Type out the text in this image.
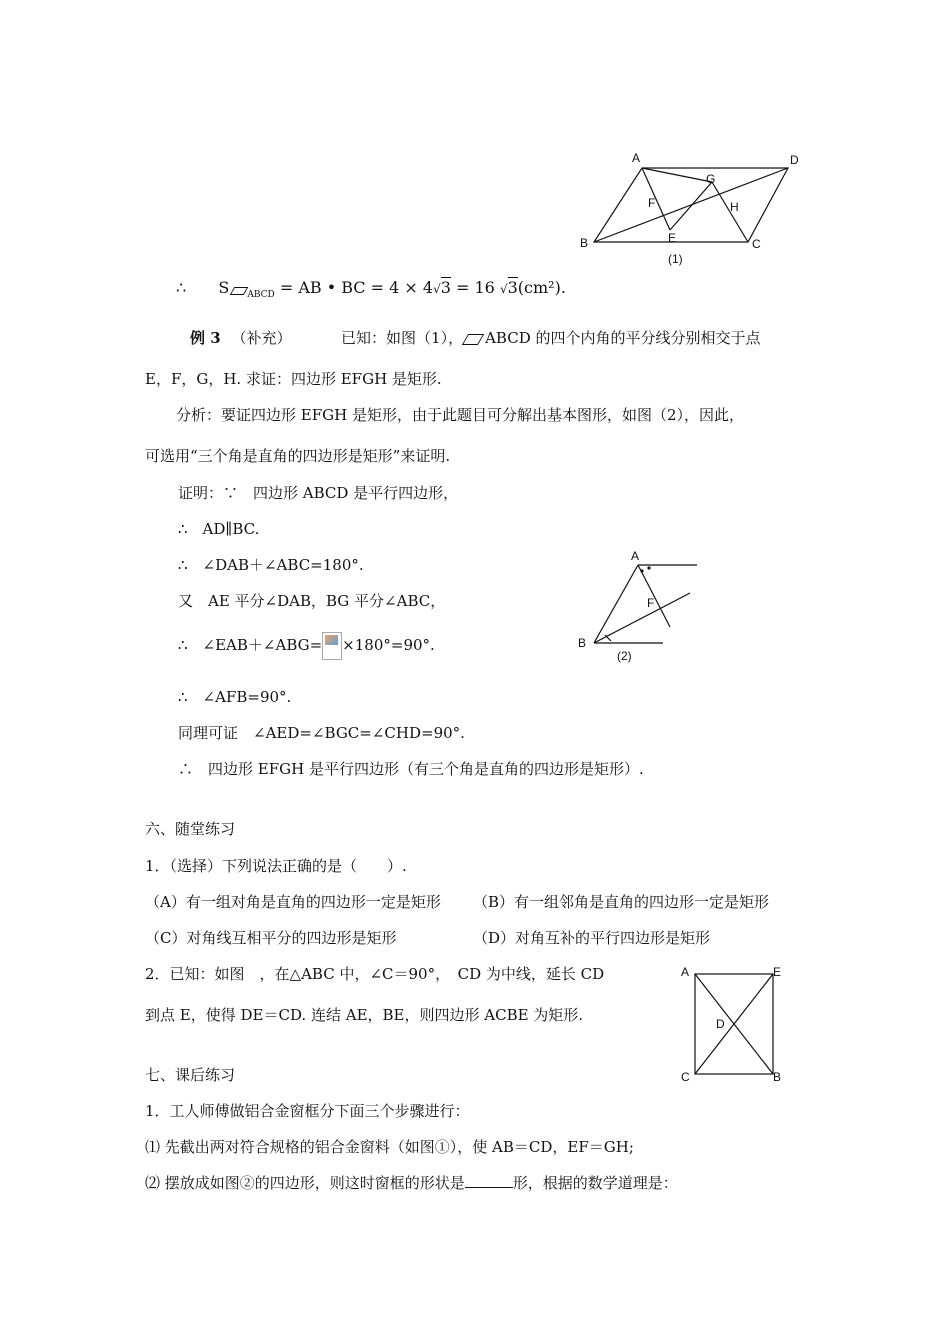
A	D
G
F	H
B	E	C
(1)
∴ S $_{ABCD}$ = AB • BC = 4 × 4√3 = 16 √3(cm²).
例 3 （补充）	已知：如图（1）， ABCD 的四个内角的平分线分别相交于点
E，F，G，H. 求证：四边形 EFGH 是矩形.
分析：要证四边形 EFGH 是矩形，由于此题目可分解出基本图形，如图（2），因此，
可选用“三个角是直角的四边形是矩形”来证明.
证明：∵　四边形 ABCD 是平行四边形，
∴　AD∥BC.
∴　∠DAB＋∠ABC=180°.
又　AE 平分∠DAB，BG 平分∠ABC，
∴　∠EAB＋∠ABG= ×180°=90°.
∴　∠AFB=90°.
同理可证　∠AED=∠BGC=∠CHD=90°.
∴　四边形 EFGH 是平行四边形（有三个角是直角的四边形是矩形）.
A
F
B
(2)
六、随堂练习
1．（选择）下列说法正确的是（　　）.
（A）有一组对角是直角的四边形一定是矩形 （B）有一组邻角是直角的四边形一定是矩形
（C）对角线互相平分的四边形是矩形	（D）对角互补的平行四边形是矩形
2．已知：如图　，在△ABC 中，∠C＝90°，　CD 为中线，延长 CD
到点 E，使得 DE＝CD. 连结 AE，BE，则四边形 ACBE 为矩形.
A	E
D
C	B
七、课后练习
1．工人师傅做铝合金窗框分下面三个步骤进行：
⑴ 先截出两对符合规格的铝合金窗料（如图①），使 AB＝CD，EF＝GH;
⑵ 摆放成如图②的四边形，则这时窗框的形状是	形，根据的数学道理是：
